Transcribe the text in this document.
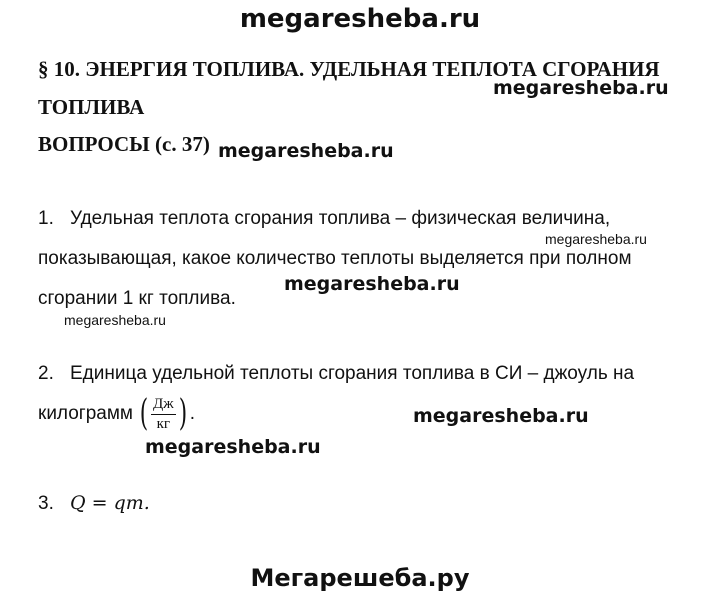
megaresheba.ru
megaresheba.ru
megaresheba.ru
megaresheba.ru
megaresheba.ru
megaresheba.ru
megaresheba.ru
megaresheba.ru
Мегарешеба.ру
§ 10. ЭНЕРГИЯ ТОПЛИВА. УДЕЛЬНАЯ ТЕПЛОТА СГОРАНИЯ
ТОПЛИВА
ВОПРОСЫ (с. 37)
1. Удельная теплота сгорания топлива – физическая величина,
показывающая, какое количество теплоты выделяется при полном
сгорании 1 кг топлива.
2. Единица удельной теплоты сгорания топлива в СИ – джоуль на
килограмм ( $\frac{Дж}{кг}$ ) .
3. Q = qm.
